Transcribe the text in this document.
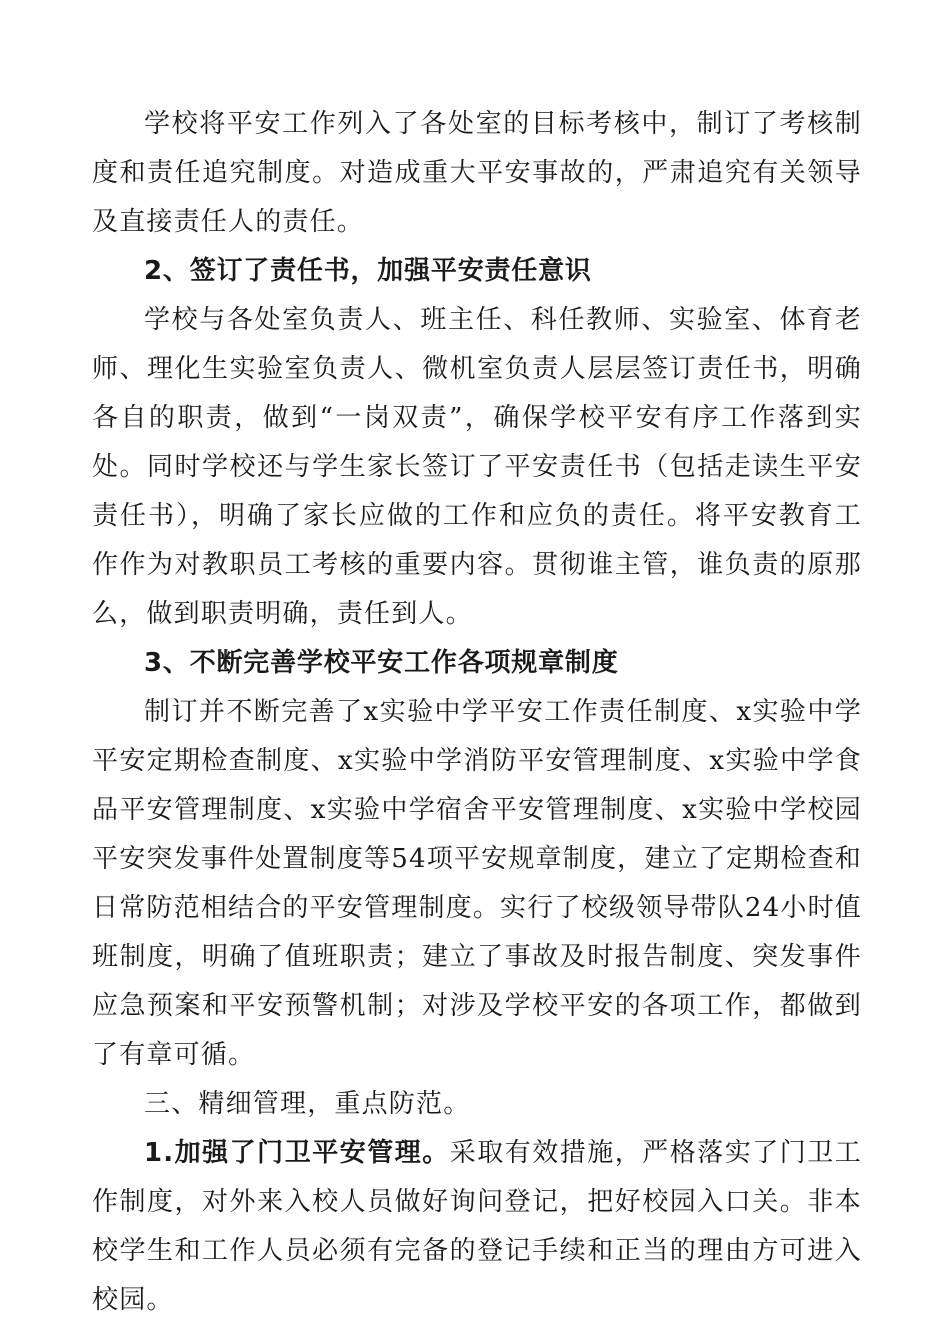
学校将平安工作列入了各处室的目标考核中，制订了考核制度和责任追究制度。对造成重大平安事故的，严肃追究有关领导及直接责任人的责任。

2、签订了责任书，加强平安责任意识

学校与各处室负责人、班主任、科任教师、实验室、体育老师、理化生实验室负责人、微机室负责人层层签订责任书，明确各自的职责，做到“一岗双责”，确保学校平安有序工作落到实处。同时学校还与学生家长签订了平安责任书（包括走读生平安责任书），明确了家长应做的工作和应负的责任。将平安教育工作作为对教职员工考核的重要内容。贯彻谁主管，谁负责的原那么，做到职责明确，责任到人。

3、不断完善学校平安工作各项规章制度

制订并不断完善了x实验中学平安工作责任制度、x实验中学平安定期检查制度、x实验中学消防平安管理制度、x实验中学食品平安管理制度、x实验中学宿舍平安管理制度、x实验中学校园平安突发事件处置制度等54项平安规章制度，建立了定期检查和日常防范相结合的平安管理制度。实行了校级领导带队24小时值班制度，明确了值班职责；建立了事故及时报告制度、突发事件应急预案和平安预警机制；对涉及学校平安的各项工作，都做到了有章可循。

三、精细管理，重点防范。

1.加强了门卫平安管理。采取有效措施，严格落实了门卫工作制度，对外来入校人员做好询问登记，把好校园入口关。非本校学生和工作人员必须有完备的登记手续和正当的理由方可进入校园。
